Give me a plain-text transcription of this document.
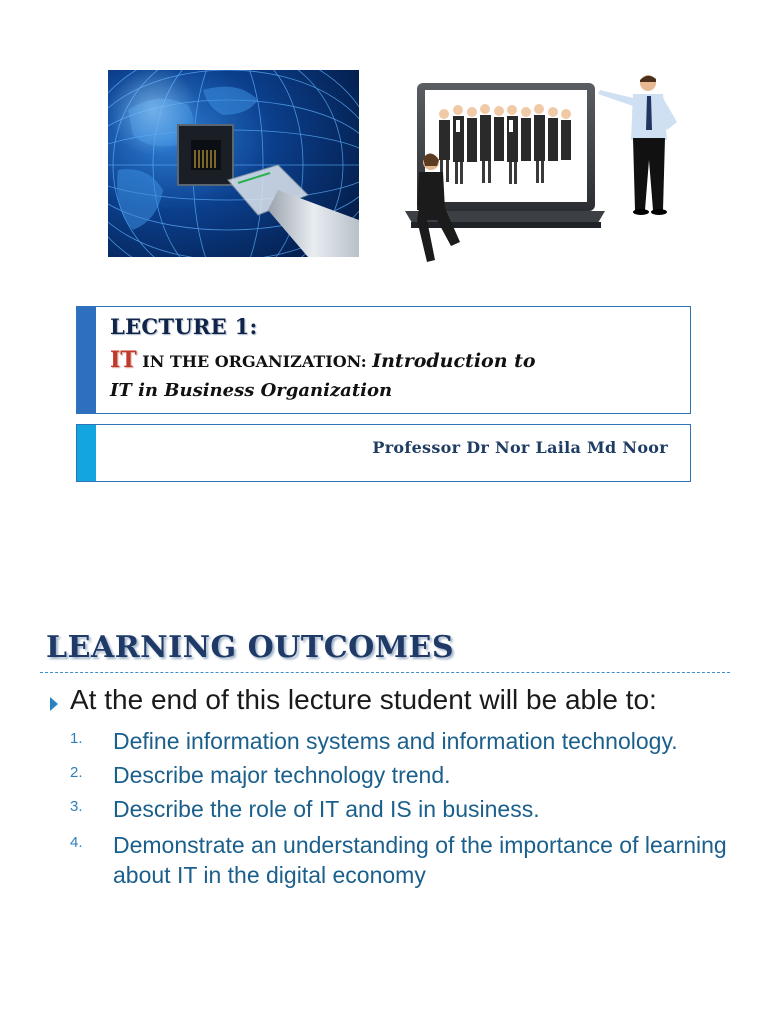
LECTURE 1:
IT IN THE ORGANIZATION: Introduction to
IT in Business Organization
Professor Dr Nor Laila Md Noor
LEARNING OUTCOMES
At the end of this lecture student will be able to:
1. Define information systems and information technology.
2. Describe major technology trend.
3. Describe the role of IT and IS in business.
4. Demonstrate an understanding of the importance of learning about IT in the digital economy
